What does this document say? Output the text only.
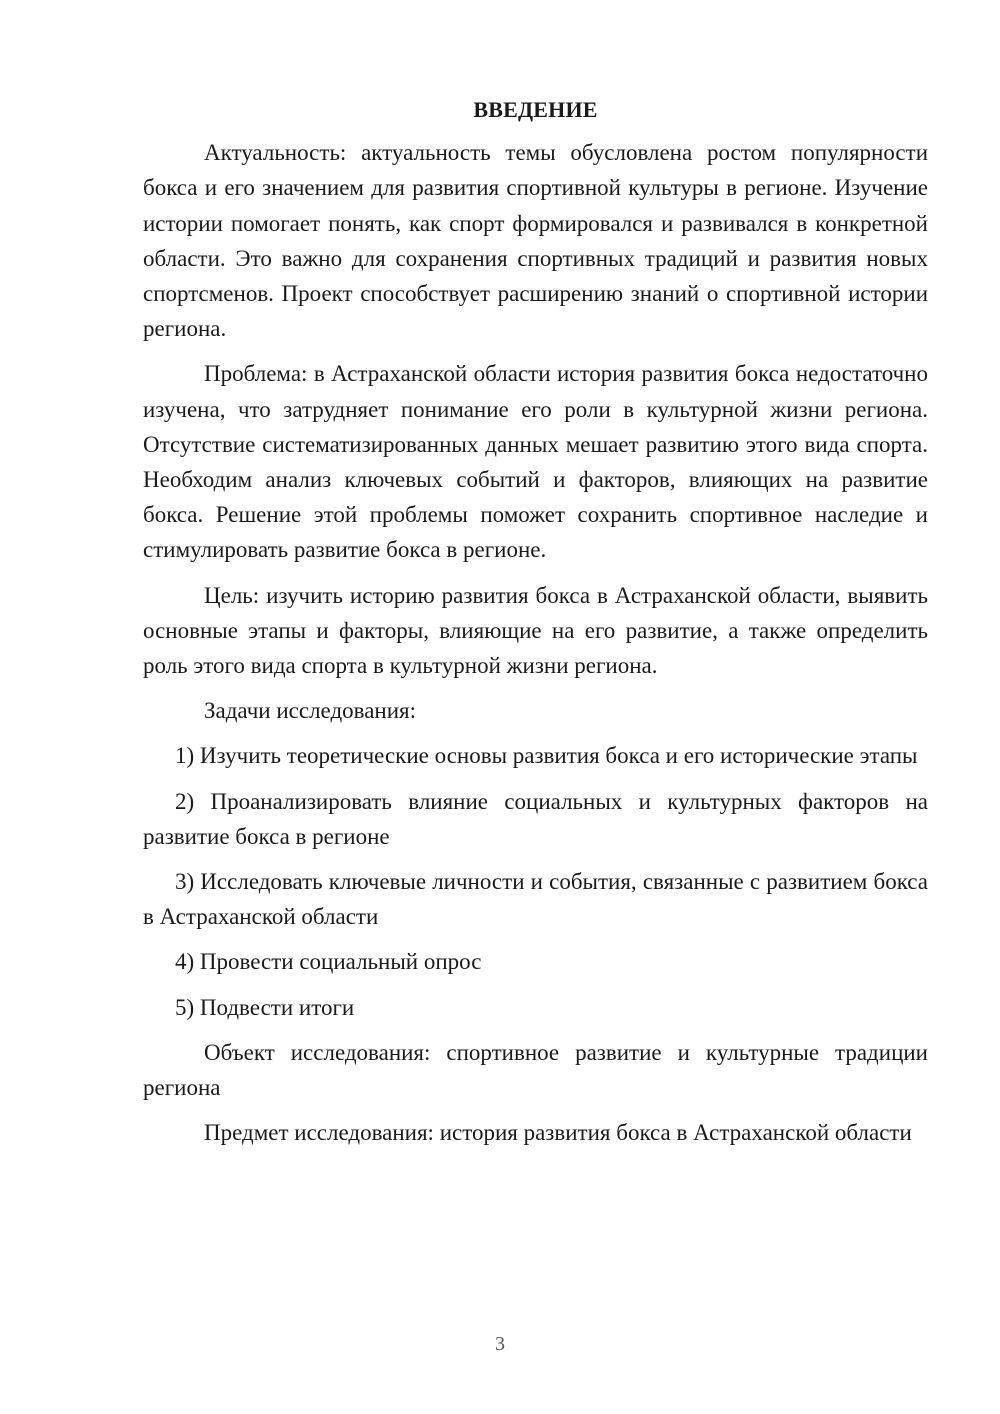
ВВЕДЕНИЕ

Актуальность: актуальность темы обусловлена ростом популярности бокса и его значением для развития спортивной культуры в регионе. Изучение истории помогает понять, как спорт формировался и развивался в конкретной области. Это важно для сохранения спортивных традиций и развития новых спортсменов. Проект способствует расширению знаний о спортивной истории региона.

Проблема: в Астраханской области история развития бокса недостаточно изучена, что затрудняет понимание его роли в культурной жизни региона. Отсутствие систематизированных данных мешает развитию этого вида спорта. Необходим анализ ключевых событий и факторов, влияющих на развитие бокса. Решение этой проблемы поможет сохранить спортивное наследие и стимулировать развитие бокса в регионе.

Цель: изучить историю развития бокса в Астраханской области, выявить основные этапы и факторы, влияющие на его развитие, а также определить роль этого вида спорта в культурной жизни региона.

Задачи исследования:

1) Изучить теоретические основы развития бокса и его исторические этапы

2) Проанализировать влияние социальных и культурных факторов на развитие бокса в регионе

3) Исследовать ключевые личности и события, связанные с развитием бокса в Астраханской области

4) Провести социальный опрос

5) Подвести итоги

Объект исследования: спортивное развитие и культурные традиции региона

Предмет исследования: история развития бокса в Астраханской области

3
